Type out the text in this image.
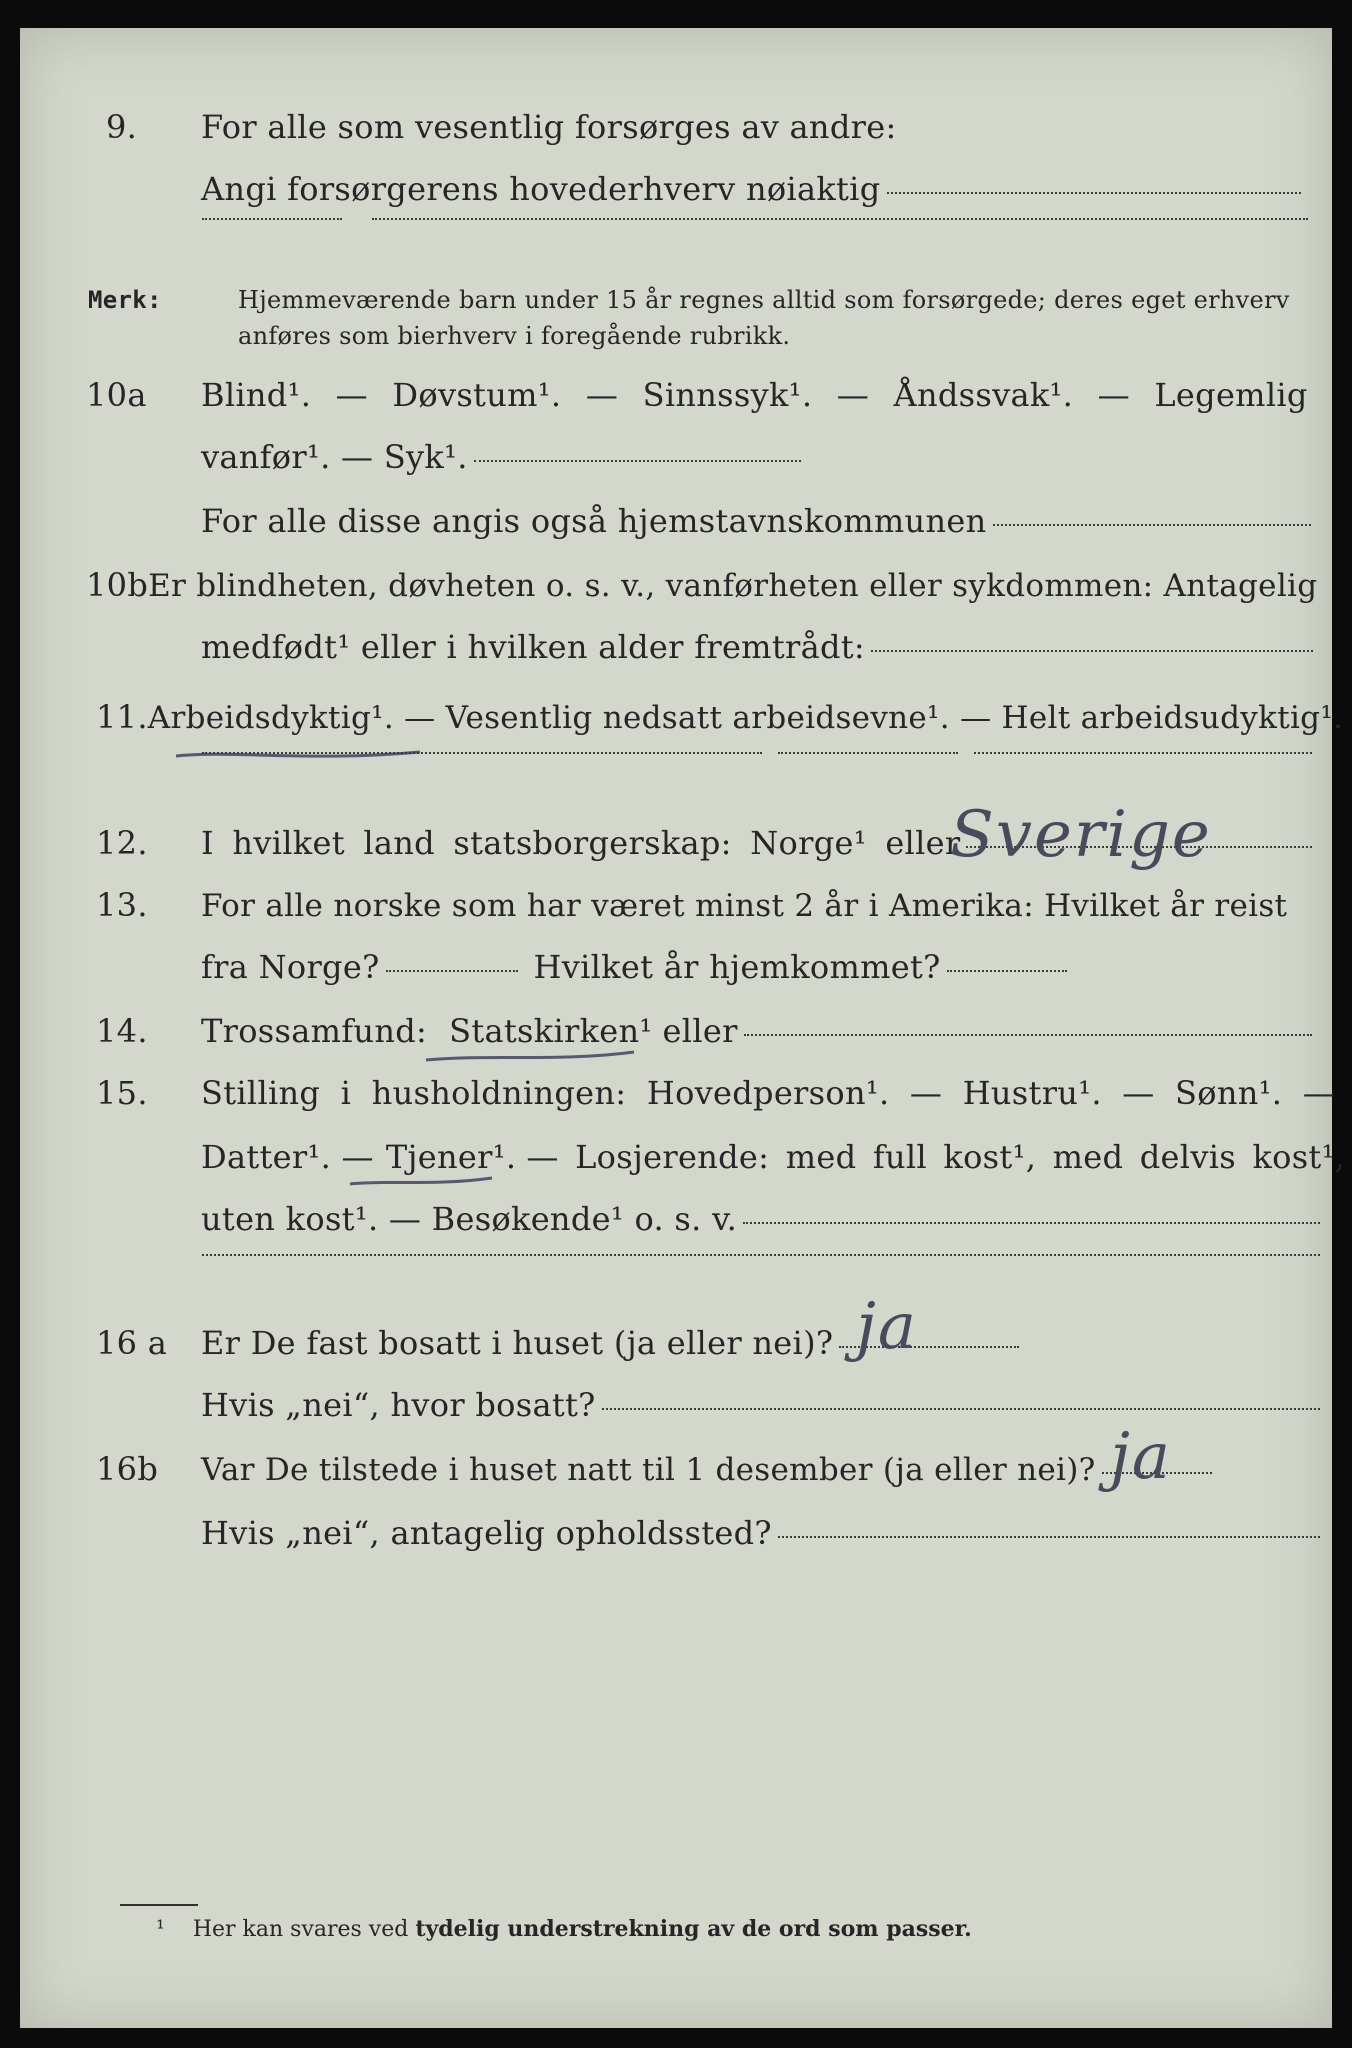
9.	For alle som vesentlig forsørges av andre:
Angi forsørgerens hovederhverv nøiaktig
Merk:	Hjemmeværende barn under 15 år regnes alltid som forsørgede; deres eget erhverv
anføres som bierhverv i foregående rubrikk.
10a	Blind¹. — Døvstum¹. — Sinnssyk¹. — Åndssvak¹. — Legemlig
vanfør¹. — Syk¹.
For alle disse angis også hjemstavnskommunen
10b Er blindheten, døvheten o. s. v., vanførheten eller sykdommen: Antagelig
medfødt¹ eller i hvilken alder fremtrådt:
11. Arbeidsdyktig¹. — Vesentlig nedsatt arbeidsevne¹. — Helt arbeidsudyktig¹.
12.	I hvilket land statsborgerskap: Norge¹ eller
Sverige
13.	For alle norske som har været minst 2 år i Amerika: Hvilket år reist
fra Norge?	Hvilket år hjemkommet?
14.	Trossamfund: Statskirken¹ eller
15.	Stilling i husholdningen: Hovedperson¹. — Hustru¹. — Sønn¹. —
Datter¹. — Tjener¹. — Losjerende: med full kost¹, med delvis kost¹,
uten kost¹. — Besøkende¹ o. s. v.
16 a	Er De fast bosatt i huset (ja eller nei)? ja
Hvis „nei“, hvor bosatt?
16b	Var De tilstede i huset natt til 1 desember (ja eller nei)? ja
Hvis „nei“, antagelig opholdssted?
¹ Her kan svares ved tydelig understrekning av de ord som passer.
